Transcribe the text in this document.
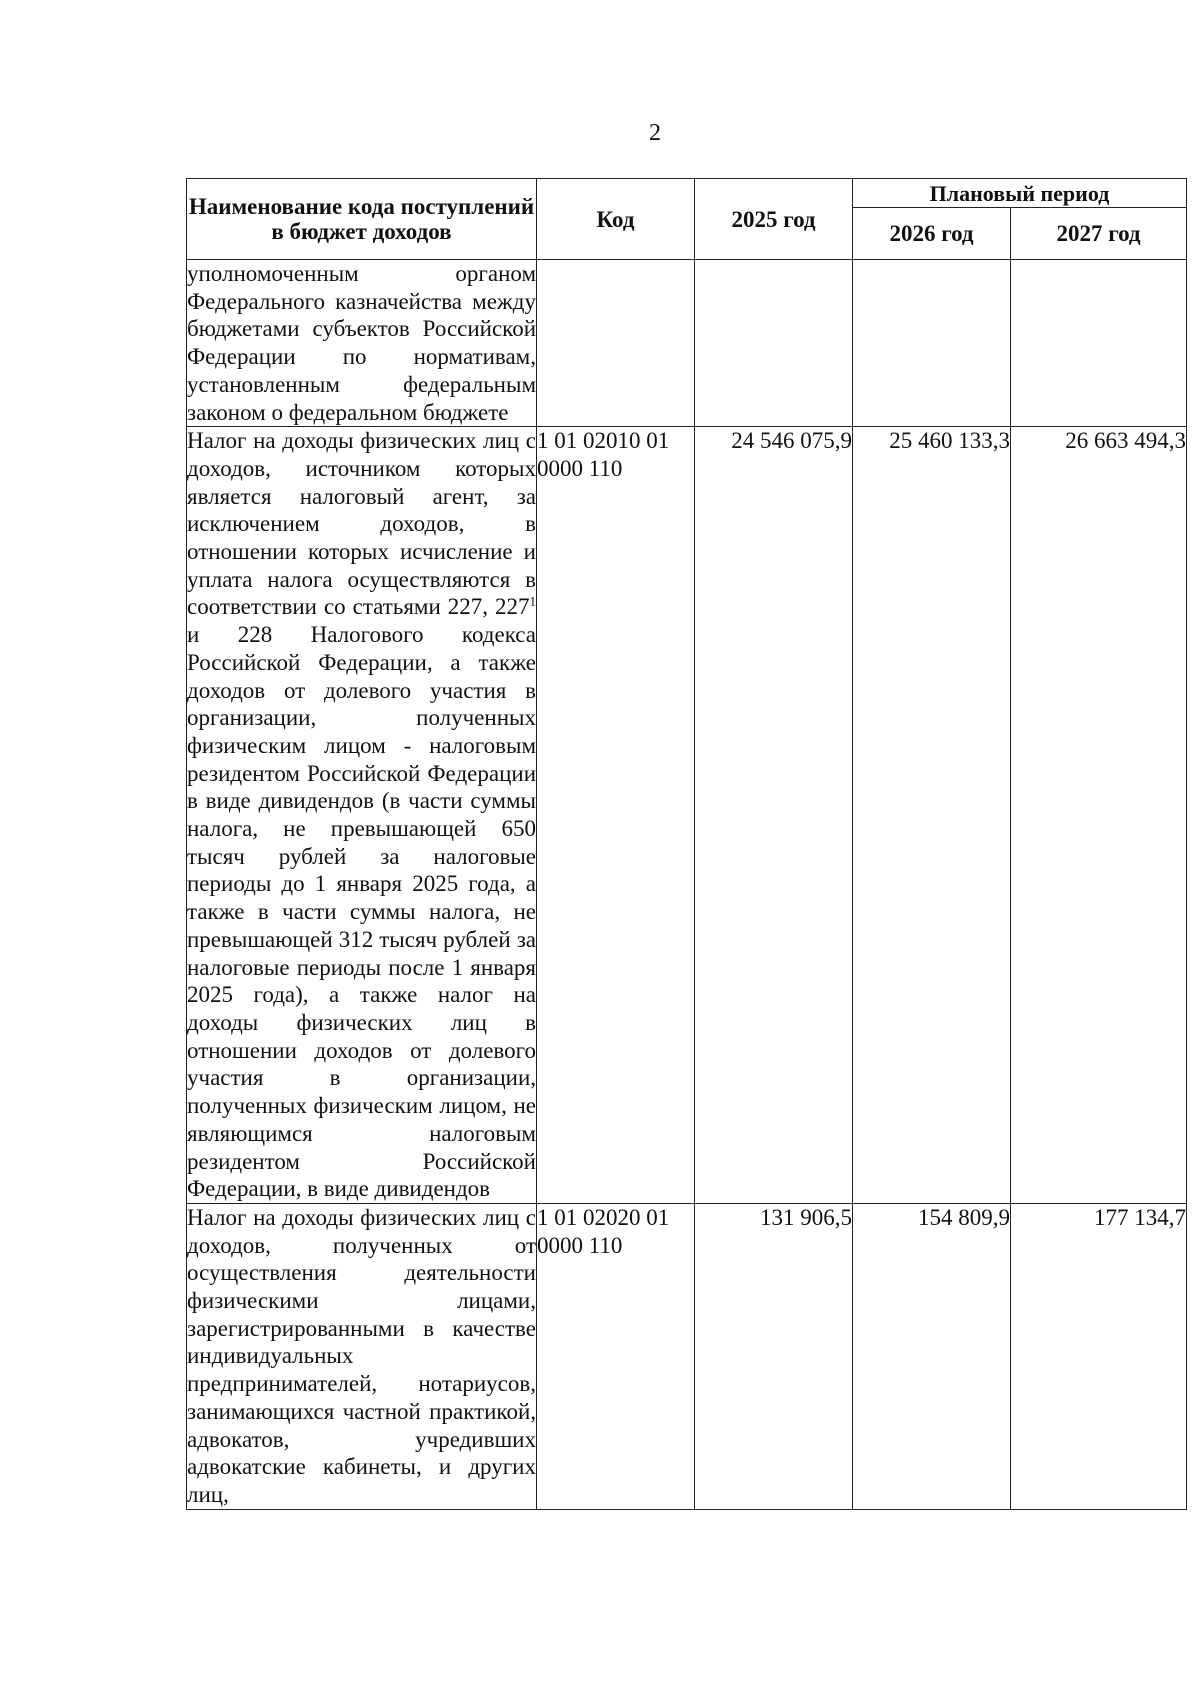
2
Наименование кода поступлений в бюджет доходов	Код	2025 год	Плановый период	
			2026 год	2027 год

уполномоченным органом Федерального казначейства между бюджетами субъектов Российской Федерации по нормативам, установленным федеральным законом о федеральном бюджете				

Налог на доходы физических лиц с доходов, источником которых является налоговый агент, за исключением доходов, в отношении которых исчисление и уплата налога осуществляются в соответствии со статьями 227, $227^1$ и 228 Налогового кодекса Российской Федерации, а также доходов от долевого участия в организации, полученных физическим лицом - налоговым резидентом Российской Федерации в виде дивидендов (в части суммы налога, не превышающей 650 тысяч рублей за налоговые периоды до 1 января 2025 года, а также в части суммы налога, не превышающей 312 тысяч рублей за налоговые периоды после 1 января 2025 года), а также налог на доходы физических лиц в отношении доходов от долевого участия в организации, полученных физическим лицом, не являющимся налоговым резидентом Российской Федерации, в виде дивидендов	1 01 02010 01 0000 110	24 546 075,9	25 460 133,3	26 663 494,3

Налог на доходы физических лиц с доходов, полученных от осуществления деятельности физическими лицами, зарегистрированными в качестве индивидуальных предпринимателей, нотариусов, занимающихся частной практикой, адвокатов, учредивших адвокатские кабинеты, и других лиц,	1 01 02020 01 0000 110	131 906,5	154 809,9	177 134,7
